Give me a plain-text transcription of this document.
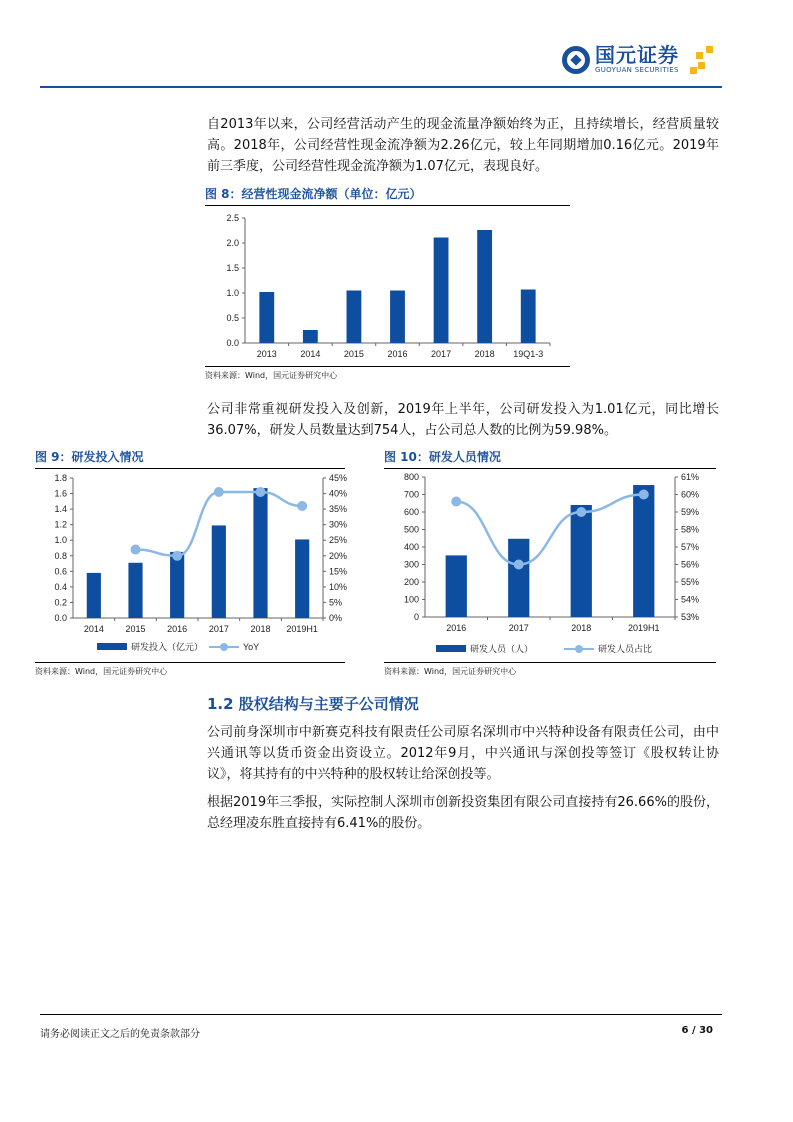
国元证券
GUOYUAN SECURITIES
自2013年以来，公司经营活动产生的现金流量净额始终为正，且持续增长，经营质量较高。2018年，公司经营性现金流净额为2.26亿元，较上年同期增加0.16亿元。2019年前三季度，公司经营性现金流净额为1.07亿元，表现良好。
图 8：经营性现金流净额（单位：亿元）
0.0
0.5
1.0
1.5
2.0
2.5
2013	2014	2015	2016	2017	2018 19Q1-3
资料来源：Wind，国元证券研究中心
公司非常重视研发投入及创新，2019年上半年，公司研发投入为1.01亿元，同比增长36.07%，研发人员数量达到754人，占公司总人数的比例为59.98%。
图 9：研发投入情况
0.0
0.2
0.4
0.6
0.8
1.0
1.2
1.4
1.6
1.8
2014 2015 2016 2017 2018 2019H1
0%
5%
10%
15%
20%
25%
30%
35%
40%
45%
研发投入（亿元）	YoY
资料来源：Wind，国元证券研究中心
图 10：研发人员情况
0
100
200
300
400
500
600
700
800
2016	2017	2018	2019H1
53%
54%
55%
56%
57%
58%
59%
60%
61%
研发人员（人）	研发人员占比
资料来源：Wind，国元证券研究中心
1.2 股权结构与主要子公司情况
公司前身深圳市中新赛克科技有限责任公司原名深圳市中兴特种设备有限责任公司，由中兴通讯等以货币资金出资设立。2012年9月，中兴通讯与深创投等签订《股权转让协议》，将其持有的中兴特种的股权转让给深创投等。
根据2019年三季报，实际控制人深圳市创新投资集团有限公司直接持有26.66%的股份，总经理凌东胜直接持有6.41%的股份。
请务必阅读正文之后的免责条款部分	6 / 30
